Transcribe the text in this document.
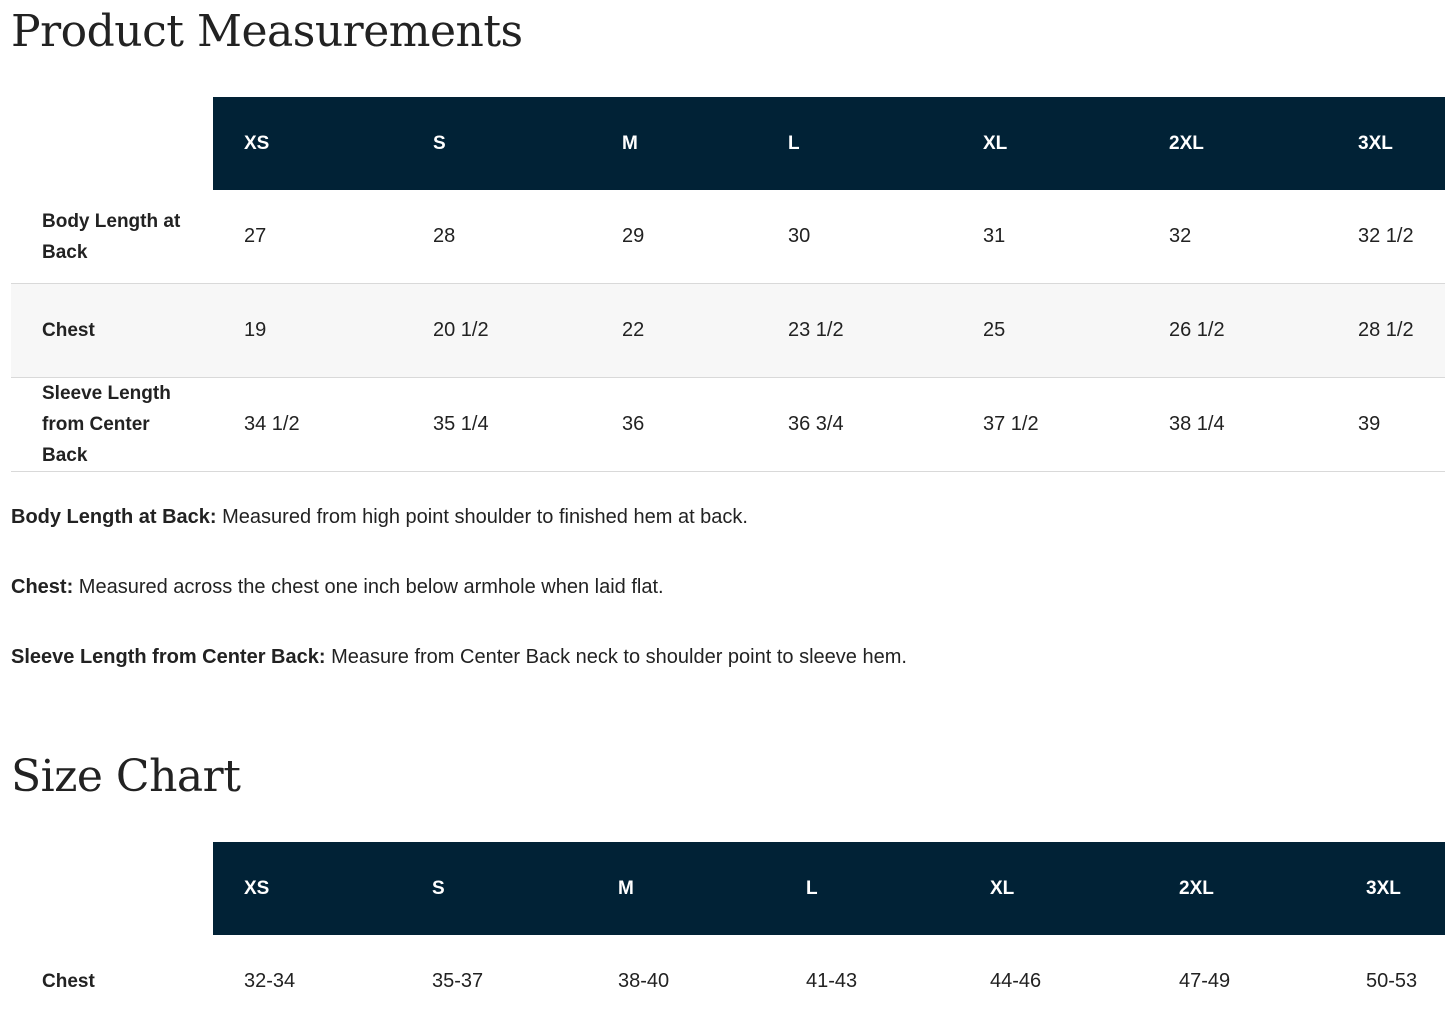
Product Measurements
	XS	S	M	L	XL	2XL	3XL

Body Length at Back	27	28	29	30	31	32	32 1/2

Chest	19	20 1/2	22	23 1/2	25	26 1/2	28 1/2

Sleeve Length from Center Back	34 1/2	35 1/4	36	36 3/4	37 1/2	38 1/4	39

Body Length at Back: Measured from high point shoulder to finished hem at back.

Chest: Measured across the chest one inch below armhole when laid flat.

Sleeve Length from Center Back: Measure from Center Back neck to shoulder point to sleeve hem.

Size Chart
	XS	S	M	L	XL	2XL	3XL
Chest	32-34	35-37	38-40	41-43	44-46	47-49	50-53
